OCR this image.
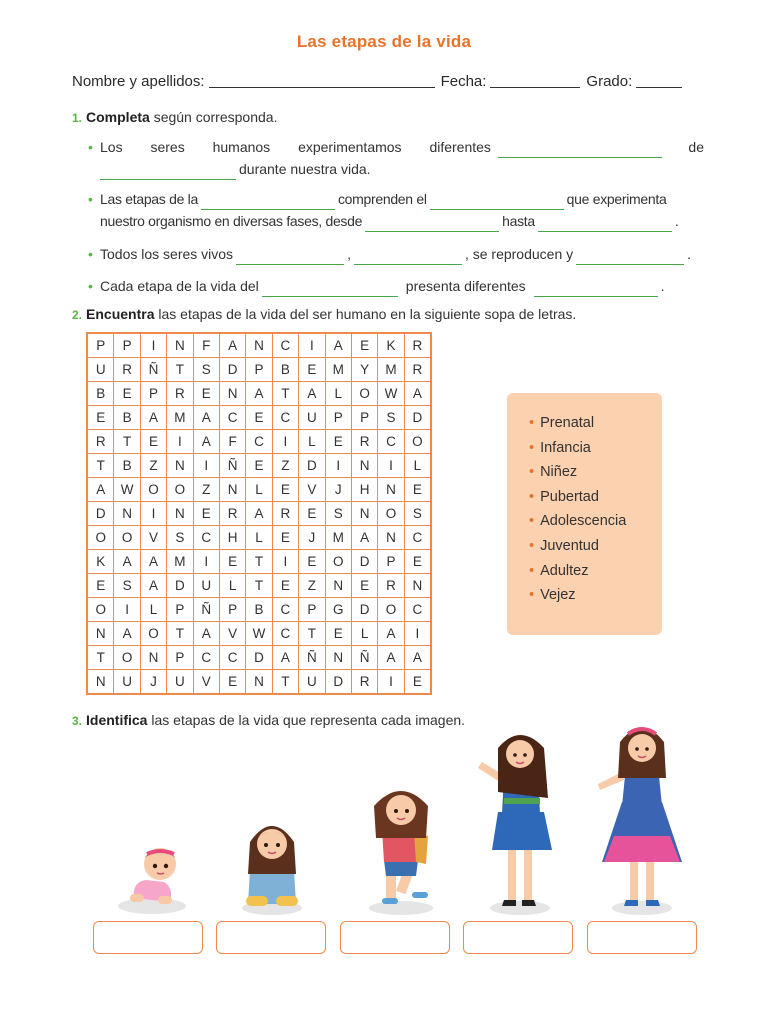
Las etapas de la vida
Nombre y apellidos:	Fecha:	Grado:
1. Completa según corresponda.
• Los seres humanos experimentamos diferentes	de
durante nuestra vida.
• Las etapas de la	comprenden el	que experimenta
nuestro organismo en diversas fases, desde	hasta	.
• Todos los seres vivos	,	, se reproducen y	.
• Cada etapa de la vida del	presenta diferentes	.
2. Encuentra las etapas de la vida del ser humano en la siguiente sopa de letras.
P	P	I	N	F	A	N	C	I	A	E	K	R
U	R	Ñ	T	S	D	P	B	E	M	Y	M	R
B	E	P	R	E	N	A	T	A	L	O	W	A
E	B	A	M	A	C	E	C	U	P	P	S	D
R	T	E	I	A	F	C	I	L	E	R	C	O
T	B	Z	N	I	Ñ	E	Z	D	I	N	I	L
A	W	O	O	Z	N	L	E	V	J	H	N	E
D	N	I	N	E	R	A	R	E	S	N	O	S
O	O	V	S	C	H	L	E	J	M	A	N	C
K	A	A	M	I	E	T	I	E	O	D	P	E
E	S	A	D	U	L	T	E	Z	N	E	R	N
O	I	L	P	Ñ	P	B	C	P	G	D	O	C
N	A	O	T	A	V	W	C	T	E	L	A	I
T	O	N	P	C	C	D	A	Ñ	N	Ñ	A	A
N	U	J	U	V	E	N	T	U	D	R	I	E
• Prenatal
• Infancia
• Niñez
• Pubertad
• Adolescencia
• Juventud
• Adultez
• Vejez
3. Identifica las etapas de la vida que representa cada imagen.
